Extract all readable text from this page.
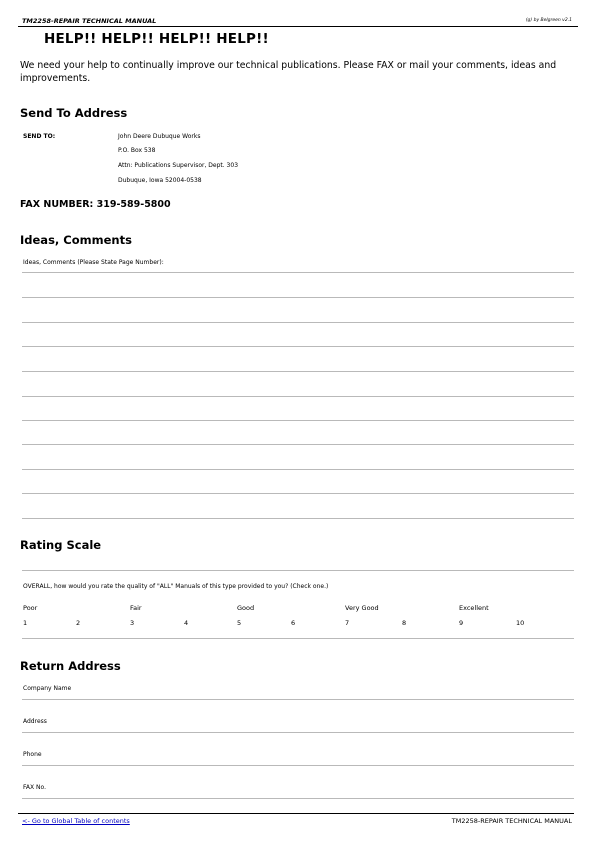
TM2258-REPAIR TECHNICAL MANUAL	(g) by Belgreen v2.1
HELP!! HELP!! HELP!! HELP!!
We need your help to continually improve our technical publications. Please FAX or mail your comments, ideas and improvements.
Send To Address
SEND TO:	John Deere Dubuque Works
P.O. Box 538
Attn: Publications Supervisor, Dept. 303
Dubuque, Iowa 52004-0538
FAX NUMBER: 319-589-5800
Ideas, Comments
Ideas, Comments (Please State Page Number):
Rating Scale
OVERALL, how would you rate the quality of "ALL" Manuals of this type provided to you? (Check one.)
Poor	Fair	Good	Very Good	Excellent
1	2	3	4	5	6	7	8	9	10
Return Address
Company Name
Address
Phone
FAX No.
<- Go to Global Table of contents	TM2258-REPAIR TECHNICAL MANUAL
